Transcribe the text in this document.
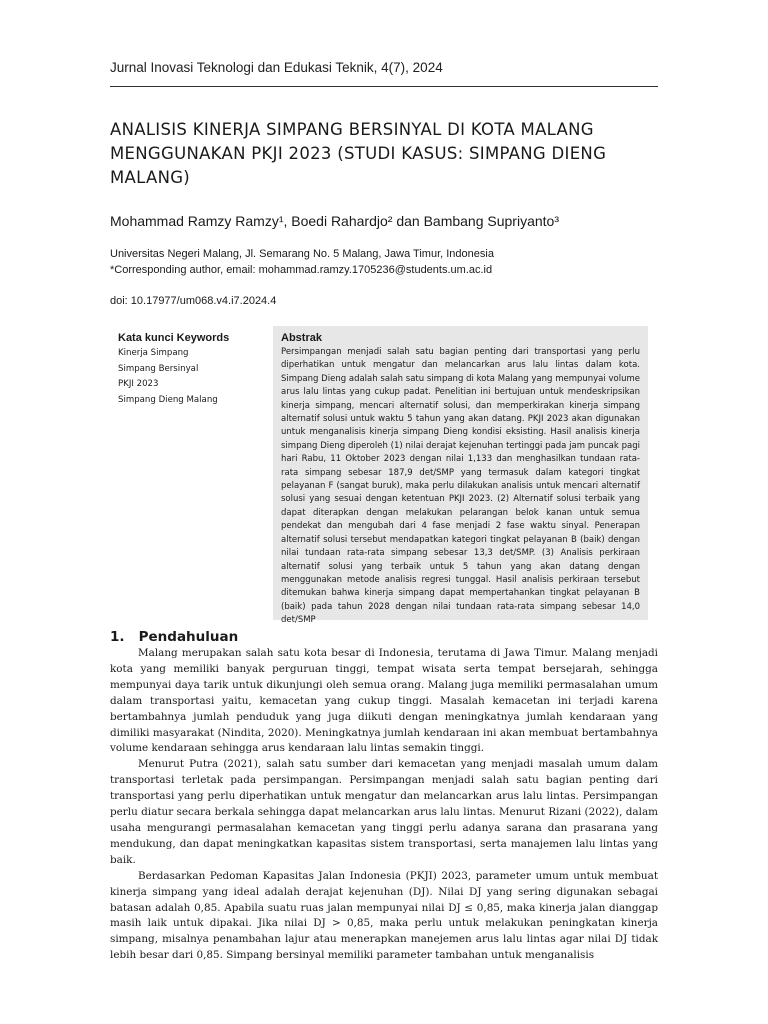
Jurnal Inovasi Teknologi dan Edukasi Teknik, 4(7), 2024
ANALISIS KINERJA SIMPANG BERSINYAL DI KOTA MALANG MENGGUNAKAN PKJI 2023 (STUDI KASUS: SIMPANG DIENG MALANG)
Mohammad Ramzy Ramzy¹, Boedi Rahardjo² dan Bambang Supriyanto³
Universitas Negeri Malang, Jl. Semarang No. 5 Malang, Jawa Timur, Indonesia
*Corresponding author, email: mohammad.ramzy.1705236@students.um.ac.id
doi: 10.17977/um068.v4.i7.2024.4
Kata kunci Keywords
Kinerja Simpang
Simpang Bersinyal
PKJI 2023
Simpang Dieng Malang
Abstrak
Persimpangan menjadi salah satu bagian penting dari transportasi yang perlu diperhatikan untuk mengatur dan melancarkan arus lalu lintas dalam kota. Simpang Dieng adalah salah satu simpang di kota Malang yang mempunyai volume arus lalu lintas yang cukup padat. Penelitian ini bertujuan untuk mendeskripsikan kinerja simpang, mencari alternatif solusi, dan memperkirakan kinerja simpang alternatif solusi untuk waktu 5 tahun yang akan datang. PKJI 2023 akan digunakan untuk menganalisis kinerja simpang Dieng kondisi eksisting. Hasil analisis kinerja simpang Dieng diperoleh (1) nilai derajat kejenuhan tertinggi pada jam puncak pagi hari Rabu, 11 Oktober 2023 dengan nilai 1,133 dan menghasilkan tundaan rata-rata simpang sebesar 187,9 det/SMP yang termasuk dalam kategori tingkat pelayanan F (sangat buruk), maka perlu dilakukan analisis untuk mencari alternatif solusi yang sesuai dengan ketentuan PKJI 2023. (2) Alternatif solusi terbaik yang dapat diterapkan dengan melakukan pelarangan belok kanan untuk semua pendekat dan mengubah dari 4 fase menjadi 2 fase waktu sinyal. Penerapan alternatif solusi tersebut mendapatkan kategori tingkat pelayanan B (baik) dengan nilai tundaan rata-rata simpang sebesar 13,3 det/SMP. (3) Analisis perkiraan alternatif solusi yang terbaik untuk 5 tahun yang akan datang dengan menggunakan metode analisis regresi tunggal. Hasil analisis perkiraan tersebut ditemukan bahwa kinerja simpang dapat mempertahankan tingkat pelayanan B (baik) pada tahun 2028 dengan nilai tundaan rata-rata simpang sebesar 14,0 det/SMP
1.   Pendahuluan

Malang merupakan salah satu kota besar di Indonesia, terutama di Jawa Timur. Malang menjadi kota yang memiliki banyak perguruan tinggi, tempat wisata serta tempat bersejarah, sehingga mempunyai daya tarik untuk dikunjungi oleh semua orang. Malang juga memiliki permasalahan umum dalam transportasi yaitu, kemacetan yang cukup tinggi. Masalah kemacetan ini terjadi karena bertambahnya jumlah penduduk yang juga diikuti dengan meningkatnya jumlah kendaraan yang dimiliki masyarakat (Nindita, 2020). Meningkatnya jumlah kendaraan ini akan membuat bertambahnya volume kendaraan sehingga arus kendaraan lalu lintas semakin tinggi.

Menurut Putra (2021), salah satu sumber dari kemacetan yang menjadi masalah umum dalam transportasi terletak pada persimpangan. Persimpangan menjadi salah satu bagian penting dari transportasi yang perlu diperhatikan untuk mengatur dan melancarkan arus lalu lintas. Persimpangan perlu diatur secara berkala sehingga dapat melancarkan arus lalu lintas. Menurut Rizani (2022), dalam usaha mengurangi permasalahan kemacetan yang tinggi perlu adanya sarana dan prasarana yang mendukung, dan dapat meningkatkan kapasitas sistem transportasi, serta manajemen lalu lintas yang baik.

Berdasarkan Pedoman Kapasitas Jalan Indonesia (PKJI) 2023, parameter umum untuk membuat kinerja simpang yang ideal adalah derajat kejenuhan (DJ). Nilai DJ yang sering digunakan sebagai batasan adalah 0,85. Apabila suatu ruas jalan mempunyai nilai DJ ≤ 0,85, maka kinerja jalan dianggap masih laik untuk dipakai. Jika nilai DJ > 0,85, maka perlu untuk melakukan peningkatan kinerja simpang, misalnya penambahan lajur atau menerapkan manejemen arus lalu lintas agar nilai DJ tidak lebih besar dari 0,85. Simpang bersinyal memiliki parameter tambahan untuk menganalisis
